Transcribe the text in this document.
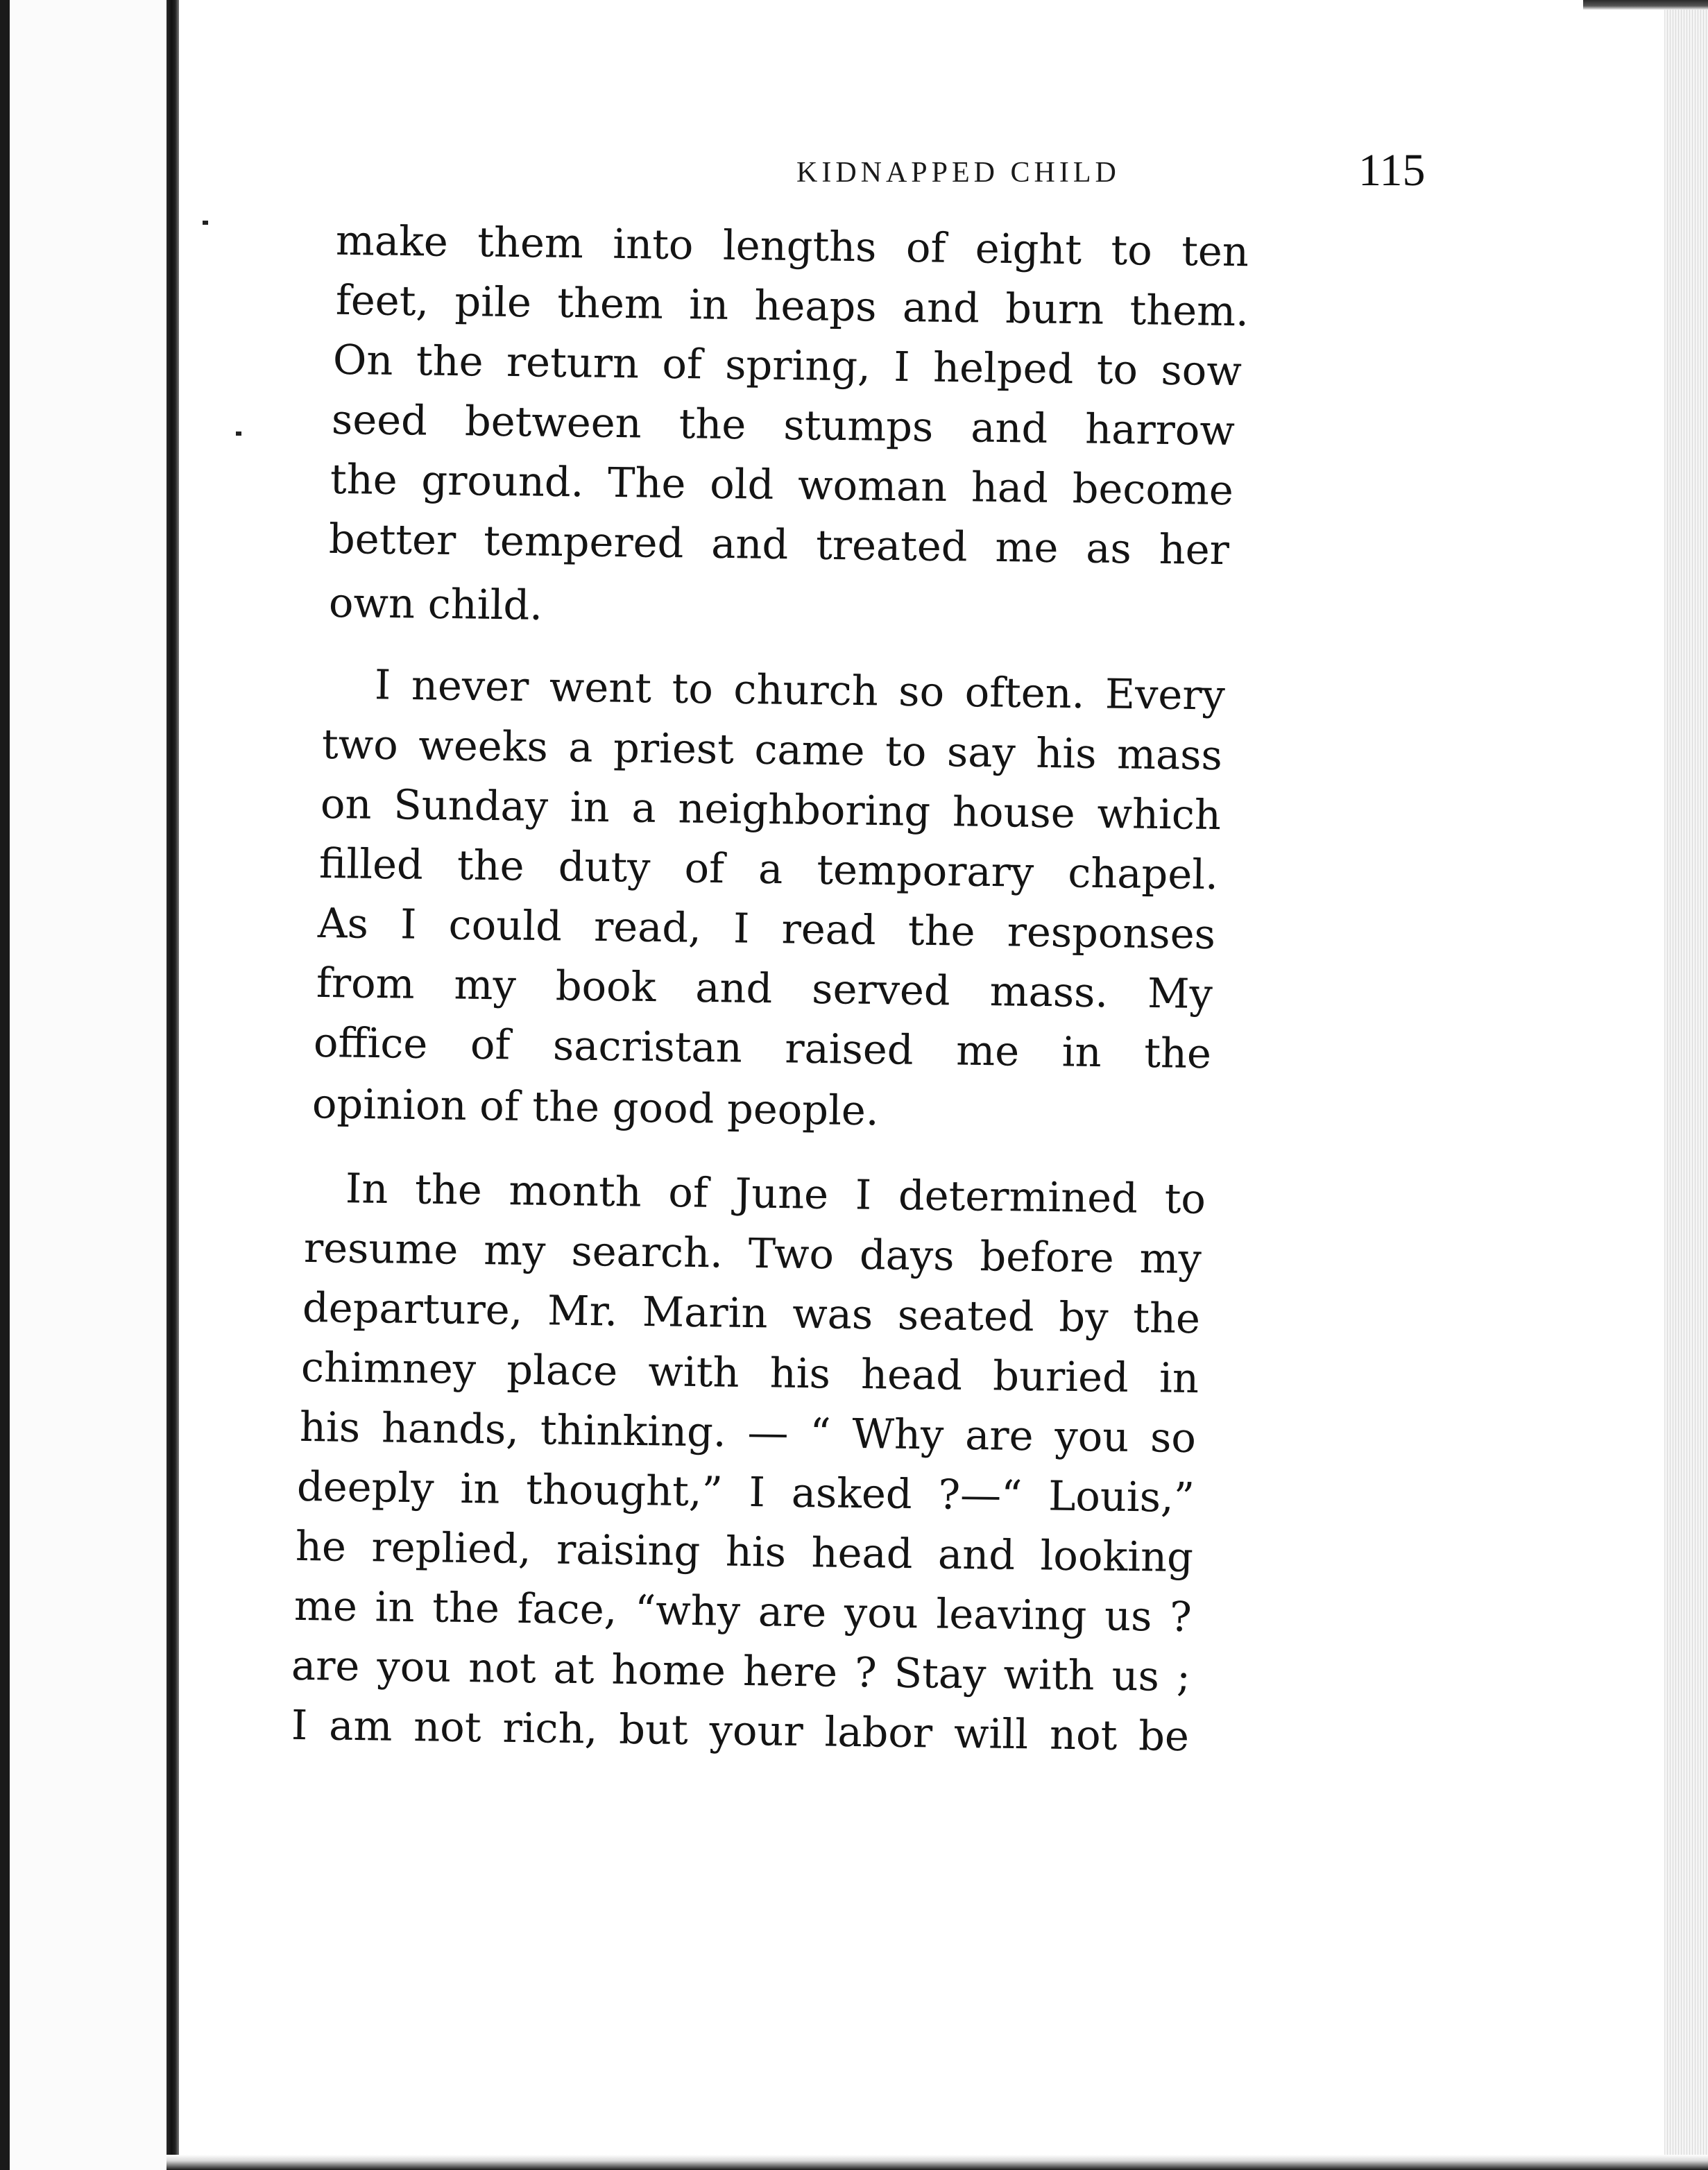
KIDNAPPED CHILD	115
make them into lengths of eight to ten
feet, pile them in heaps and burn them.
On the return of spring, I helped to sow
seed between the stumps and harrow
the ground. The old woman had become
better tempered and treated me as her
own child.
I never went to church so often. Every
two weeks a priest came to say his mass
on Sunday in a neighboring house which
filled the duty of a temporary chapel.
As I could read, I read the responses
from my book and served mass. My
office of sacristan raised me in the
opinion of the good people.
In the month of June I determined to
resume my search. Two days before my
departure, Mr. Marin was seated by the
chimney place with his head buried in
his hands, thinking. — “ Why are you so
deeply in thought,” I asked ?—“ Louis,”
he replied, raising his head and looking
me in the face, “why are you leaving us ?
are you not at home here ? Stay with us ;
I am not rich, but your labor will not be
